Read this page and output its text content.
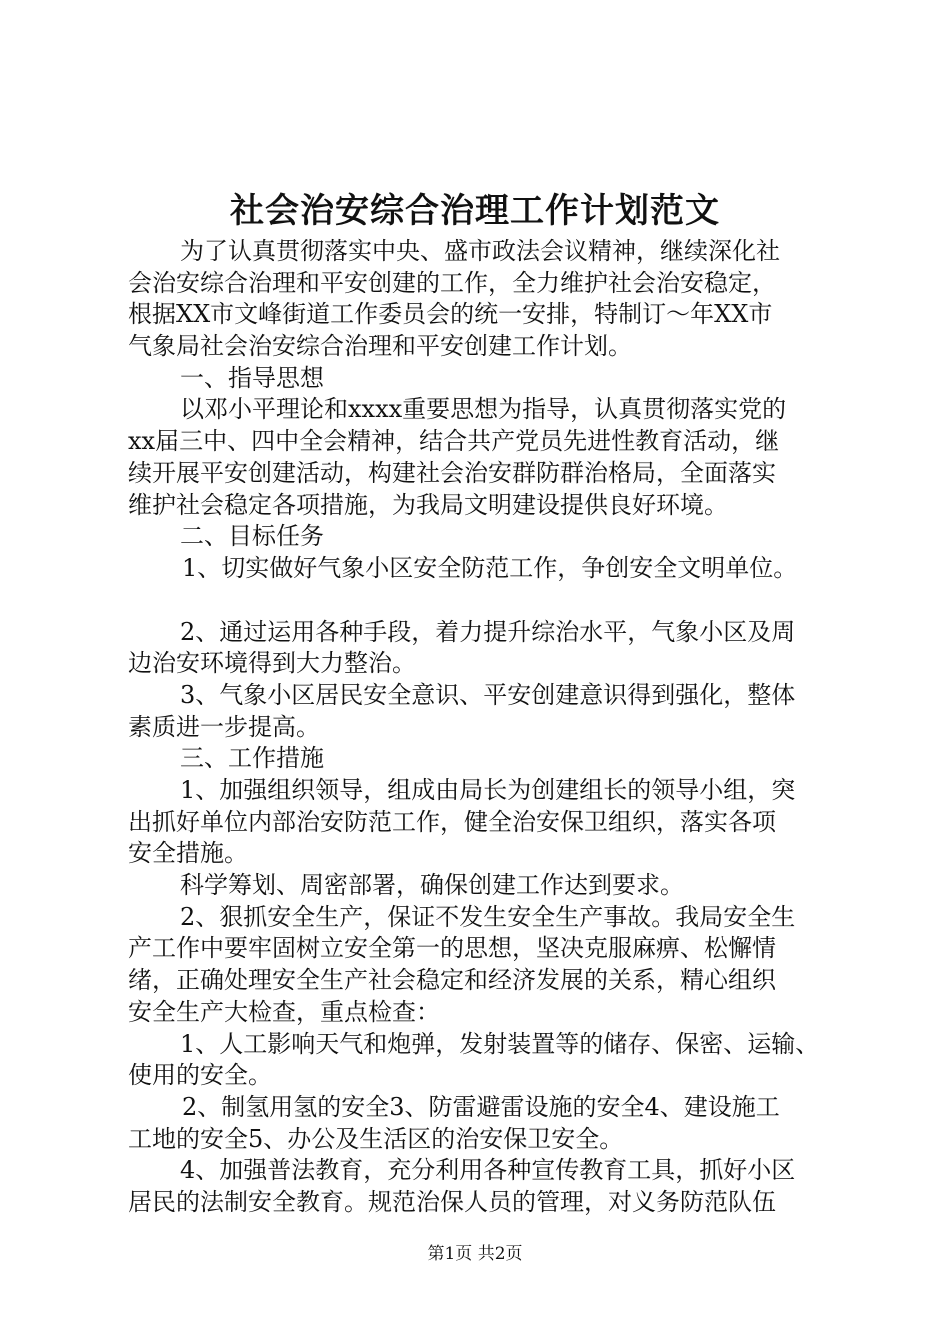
社会治安综合治理工作计划范文
为了认真贯彻落实中央、盛市政法会议精神，继续深化社
会治安综合治理和平安创建的工作，全力维护社会治安稳定，
根据XX市文峰街道工作委员会的统一安排，特制订～年XX市
气象局社会治安综合治理和平安创建工作计划。
一、指导思想
以邓小平理论和xxxx重要思想为指导，认真贯彻落实党的
xx届三中、四中全会精神，结合共产党员先进性教育活动，继
续开展平安创建活动，构建社会治安群防群治格局，全面落实
维护社会稳定各项措施，为我局文明建设提供良好环境。
二、目标任务
1、切实做好气象小区安全防范工作，争创安全文明单位。
2、通过运用各种手段，着力提升综治水平，气象小区及周
边治安环境得到大力整治。
3、气象小区居民安全意识、平安创建意识得到强化，整体
素质进一步提高。
三、工作措施
1、加强组织领导，组成由局长为创建组长的领导小组，突
出抓好单位内部治安防范工作，健全治安保卫组织，落实各项
安全措施。
科学筹划、周密部署，确保创建工作达到要求。
2、狠抓安全生产，保证不发生安全生产事故。我局安全生
产工作中要牢固树立安全第一的思想，坚决克服麻痹、松懈情
绪，正确处理安全生产社会稳定和经济发展的关系，精心组织
安全生产大检查，重点检查：
1、人工影响天气和炮弹，发射装置等的储存、保密、运输、
使用的安全。
2、制氢用氢的安全3、防雷避雷设施的安全4、建设施工
工地的安全5、办公及生活区的治安保卫安全。
4、加强普法教育，充分利用各种宣传教育工具，抓好小区
居民的法制安全教育。规范治保人员的管理，对义务防范队伍
第1页 共2页
